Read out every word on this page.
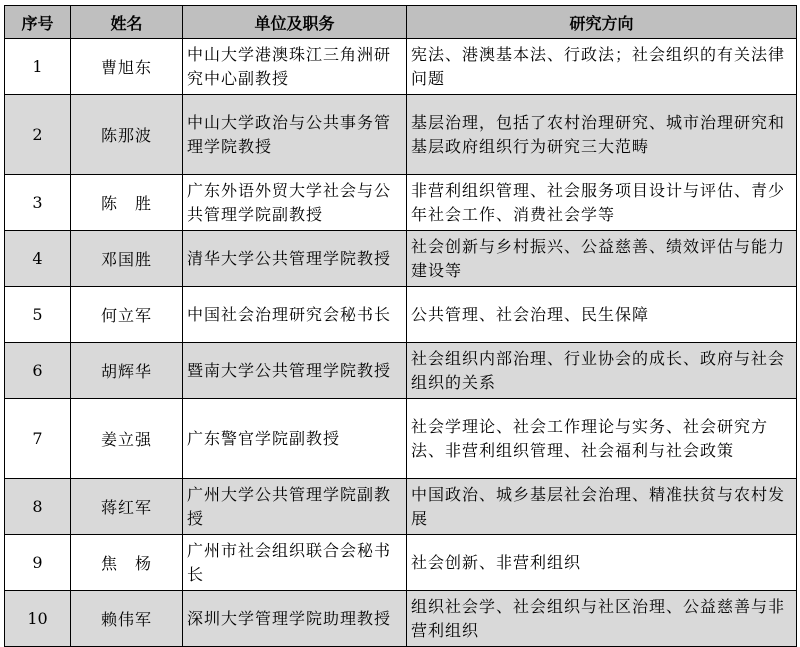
序号	姓名	单位及职务	研究方向
1	曹旭东	中山大学港澳珠江三角洲研究中心副教授	宪法、港澳基本法、行政法；社会组织的有关法律问题
2	陈那波	中山大学政治与公共事务管理学院教授	基层治理，包括了农村治理研究、城市治理研究和基层政府组织行为研究三大范畴
3	陈　胜	广东外语外贸大学社会与公共管理学院副教授	非营利组织管理、社会服务项目设计与评估、青少年社会工作、消费社会学等
4	邓国胜	清华大学公共管理学院教授	社会创新与乡村振兴、公益慈善、绩效评估与能力建设等
5	何立军	中国社会治理研究会秘书长	公共管理、社会治理、民生保障
6	胡辉华	暨南大学公共管理学院教授	社会组织内部治理、行业协会的成长、政府与社会组织的关系
7	姜立强	广东警官学院副教授	社会学理论、社会工作理论与实务、社会研究方法、非营利组织管理、社会福利与社会政策
8	蒋红军	广州大学公共管理学院副教授	中国政治、城乡基层社会治理、精准扶贫与农村发展
9	焦　杨	广州市社会组织联合会秘书长	社会创新、非营利组织
10	赖伟军	深圳大学管理学院助理教授	组织社会学、社会组织与社区治理、公益慈善与非营利组织
